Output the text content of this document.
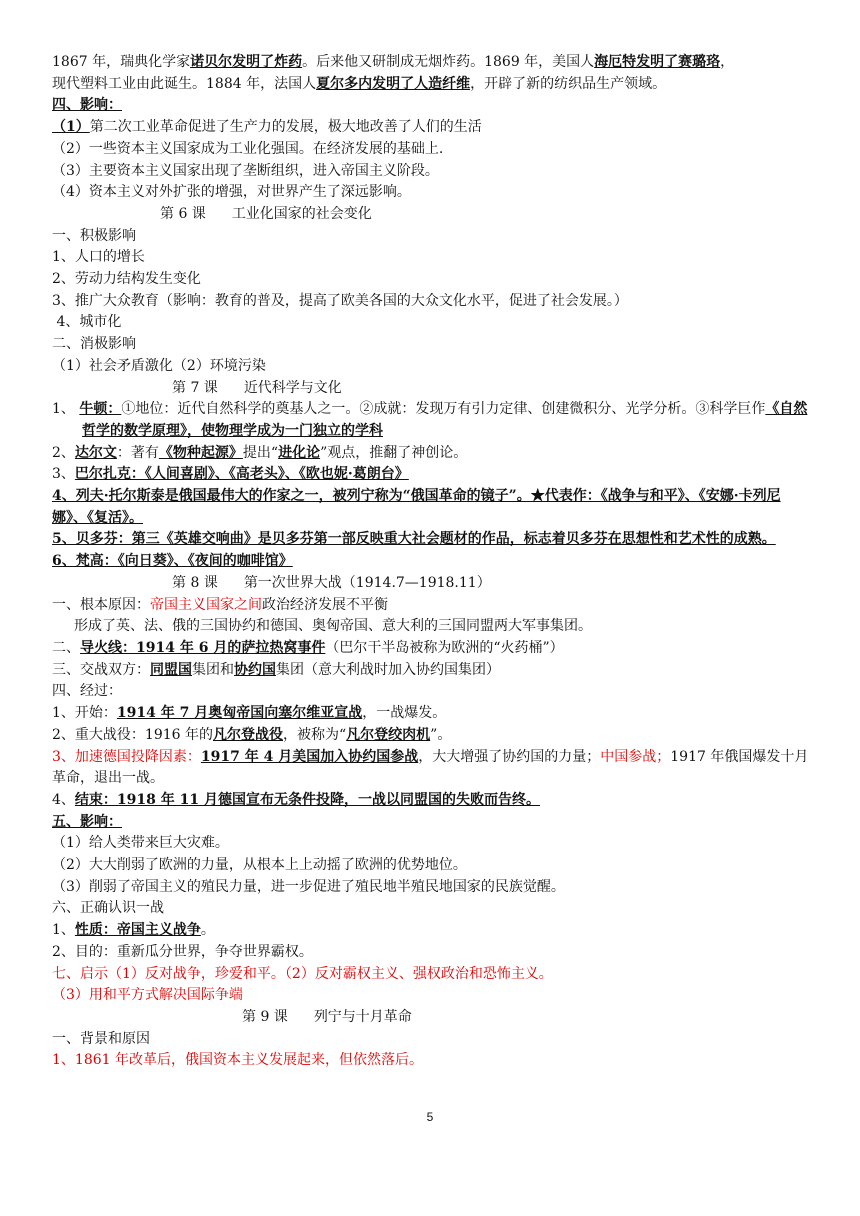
1867 年，瑞典化学家诺贝尔发明了炸药。后来他又研制成无烟炸药。1869 年，美国人海厄特发明了赛璐珞，
现代塑料工业由此诞生。1884 年，法国人夏尔多内发明了人造纤维，开辟了新的纺织品生产领域。
四、影响：
（1）第二次工业革命促进了生产力的发展，极大地改善了人们的生活
（2）一些资本主义国家成为工业化强国。在经济发展的基础上.
（3）主要资本主义国家出现了垄断组织，进入帝国主义阶段。
（4）资本主义对外扩张的增强，对世界产生了深远影响。
第 6 课 工业化国家的社会变化
一、积极影响
1、人口的增长
2、劳动力结构发生变化
3、推广大众教育（影响：教育的普及，提高了欧美各国的大众文化水平，促进了社会发展。）
4、城市化
二、消极影响
（1）社会矛盾激化（2）环境污染
第 7 课 近代科学与文化
1、 牛顿：①地位：近代自然科学的奠基人之一。②成就：发现万有引力定律、创建微积分、光学分析。③科学巨作《自然哲学的数学原理》，使物理学成为一门独立的学科
2、达尔文：著有《物种起源》提出“进化论”观点，推翻了神创论。
3、巴尔扎克：《人间喜剧》、《高老头》、《欧也妮·葛朗台》
4、列夫·托尔斯泰是俄国最伟大的作家之一，被列宁称为“俄国革命的镜子”。★代表作：《战争与和平》、《安娜·卡列尼娜》、《复活》。
5、贝多芬：第三《英雄交响曲》是贝多芬第一部反映重大社会题材的作品，标志着贝多芬在思想性和艺术性的成熟。
6、梵高：《向日葵》、《夜间的咖啡馆》
第 8 课 第一次世界大战（1914.7—1918.11）
一、根本原因：帝国主义国家之间政治经济发展不平衡
形成了英、法、俄的三国协约和德国、奥匈帝国、意大利的三国同盟两大军事集团。
二、导火线：1914 年 6 月的萨拉热窝事件（巴尔干半岛被称为欧洲的“火药桶”）
三、交战双方：同盟国集团和协约国集团（意大利战时加入协约国集团）
四、经过：
1、开始：1914 年 7 月奥匈帝国向塞尔维亚宣战，一战爆发。
2、重大战役：1916 年的凡尔登战役，被称为“凡尔登绞肉机”。
3、加速德国投降因素：1917 年 4 月美国加入协约国参战，大大增强了协约国的力量；中国参战；1917 年俄国爆发十月革命，退出一战。
4、结束：1918 年 11 月德国宣布无条件投降，一战以同盟国的失败而告终。
五、影响：
（1）给人类带来巨大灾难。
（2）大大削弱了欧洲的力量，从根本上上动摇了欧洲的优势地位。
（3）削弱了帝国主义的殖民力量，进一步促进了殖民地半殖民地国家的民族觉醒。
六、正确认识一战
1、性质：帝国主义战争。
2、目的：重新瓜分世界，争夺世界霸权。
七、启示（1）反对战争，珍爱和平。（2）反对霸权主义、强权政治和恐怖主义。
（3）用和平方式解决国际争端
第 9 课 列宁与十月革命
一、背景和原因
1、1861 年改革后，俄国资本主义发展起来，但依然落后。
5
